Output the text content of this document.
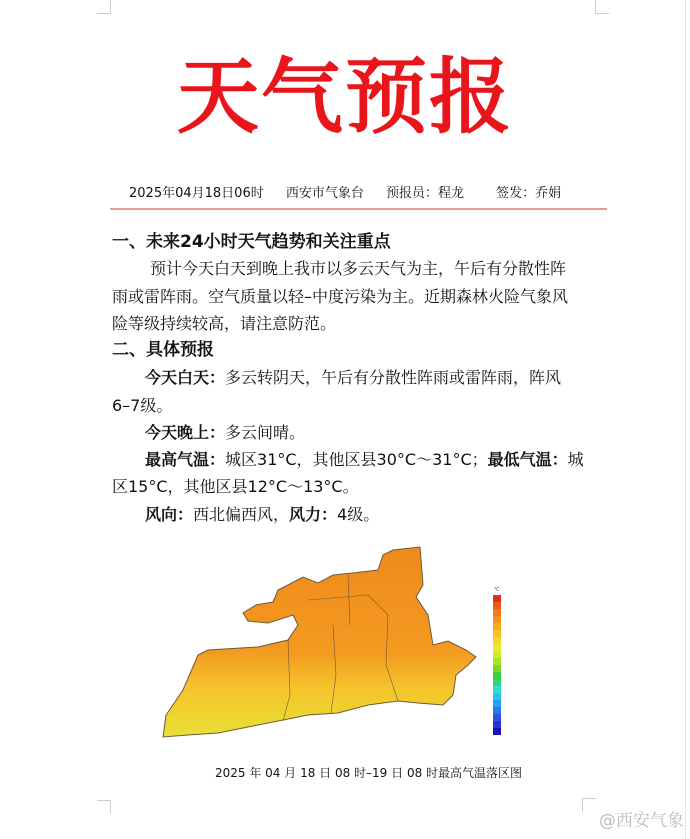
天气预报
2025年04月18日06时 西安市气象台 预报员：程龙 签发：乔娟
一、未来24小时天气趋势和关注重点
预计今天白天到晚上我市以多云天气为主，午后有分散性阵
雨或雷阵雨。空气质量以轻–中度污染为主。近期森林火险气象风
险等级持续较高，请注意防范。
二、具体预报
今天白天：多云转阴天，午后有分散性阵雨或雷阵雨，阵风
6–7级。
今天晚上：多云间晴。
最高气温：城区31°C，其他区县30°C～31°C；最低气温：城
区15°C，其他区县12°C～13°C。
风向：西北偏西风，风力：4级。
℃
2025 年 04 月 18 日 08 时–19 日 08 时最高气温落区图
@西安气象
